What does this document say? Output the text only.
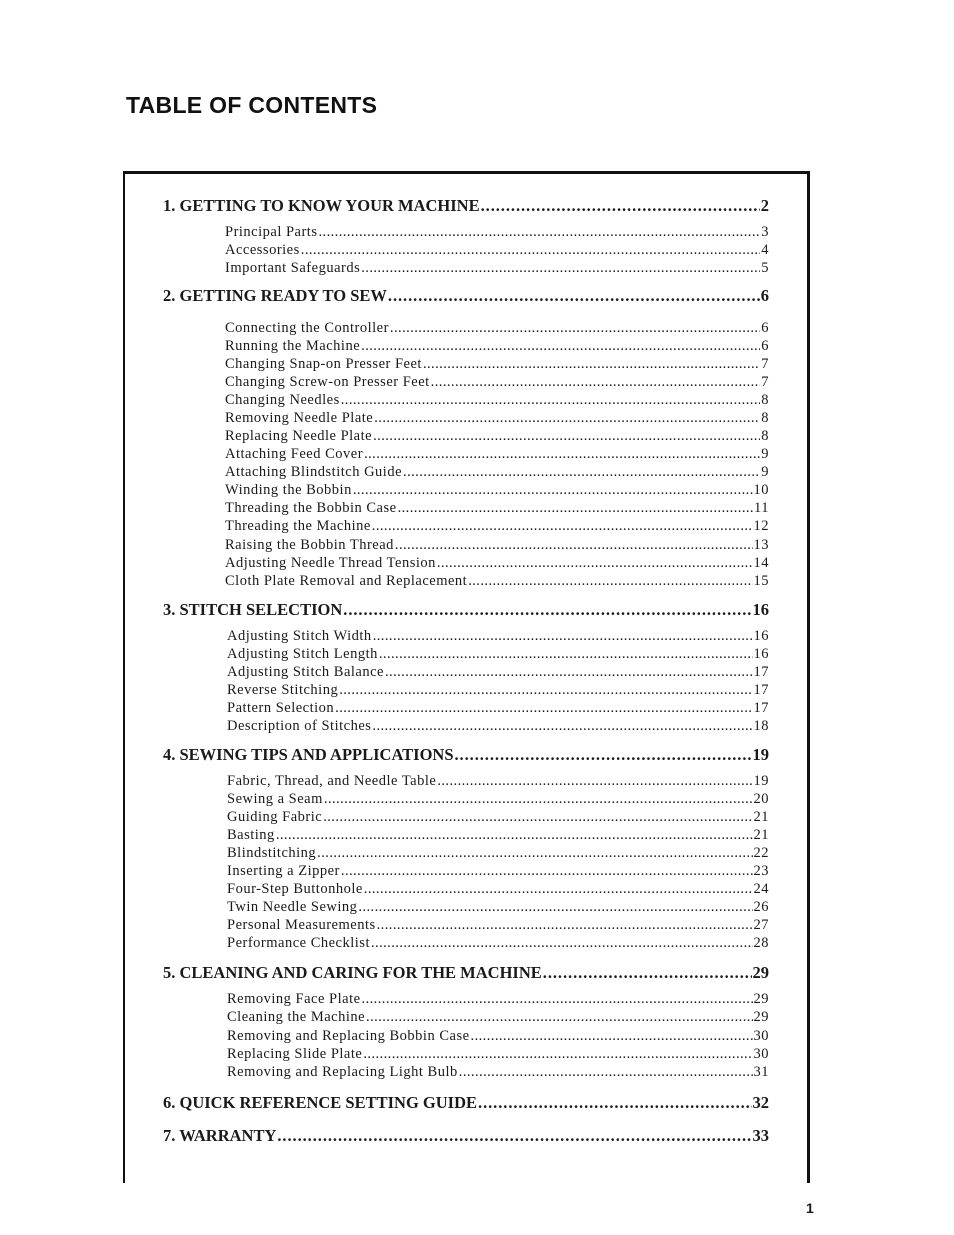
TABLE OF CONTENTS
1. GETTING TO KNOW YOUR MACHINE . . .	2
Principal Parts . . .	3
Accessories . . .	4
Important Safeguards . . .	5
2. GETTING READY TO SEW . . .	6
Connecting the Controller . . .	6
Running the Machine . . .	6
Changing Snap-on Presser Feet . . .	7
Changing Screw-on Presser Feet . . .	7
Changing Needles . . .	8
Removing Needle Plate . . .	8
Replacing Needle Plate . . .	8
Attaching Feed Cover . . .	9
Attaching Blindstitch Guide . . .	9
Winding the Bobbin . . .	10
Threading the Bobbin Case . . .	11
Threading the Machine . . .	12
Raising the Bobbin Thread . . .	13
Adjusting Needle Thread Tension . . .	14
Cloth Plate Removal and Replacement . . .	15
3. STITCH SELECTION . . .	16
Adjusting Stitch Width . . .	16
Adjusting Stitch Length . . .	16
Adjusting Stitch Balance . . .	17
Reverse Stitching . . .	17
Pattern Selection . . .	17
Description of Stitches . . .	18
4. SEWING TIPS AND APPLICATIONS . . .	19
Fabric, Thread, and Needle Table . . .	19
Sewing a Seam . . .	20
Guiding Fabric . . .	21
Basting . . .	21
Blindstitching . . .	22
Inserting a Zipper . . .	23
Four-Step Buttonhole . . .	24
Twin Needle Sewing . . .	26
Personal Measurements . . .	27
Performance Checklist . . .	28
5. CLEANING AND CARING FOR THE MACHINE . . .	29
Removing Face Plate . . .	29
Cleaning the Machine . . .	29
Removing and Replacing Bobbin Case . . .	30
Replacing Slide Plate . . .	30
Removing and Replacing Light Bulb . . .	31
6. QUICK REFERENCE SETTING GUIDE . . .	32
7. WARRANTY . . .	33
1
